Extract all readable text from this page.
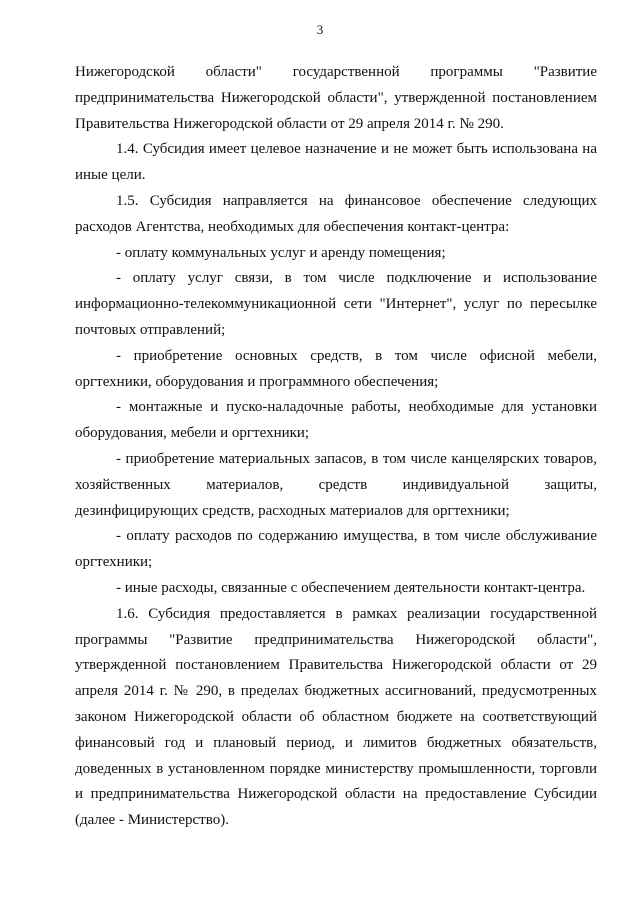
3

Нижегородской области" государственной программы "Развитие предпринимательства Нижегородской области", утвержденной постановлением Правительства Нижегородской области от 29 апреля 2014 г. № 290.

1.4. Субсидия имеет целевое назначение и не может быть использована на иные цели.

1.5. Субсидия направляется на финансовое обеспечение следующих расходов Агентства, необходимых для обеспечения контакт-центра:

- оплату коммунальных услуг и аренду помещения;

- оплату услуг связи, в том числе подключение и использование информационно-телекоммуникационной сети "Интернет", услуг по пересылке почтовых отправлений;

- приобретение основных средств, в том числе офисной мебели, оргтехники, оборудования и программного обеспечения;

- монтажные и пуско-наладочные работы, необходимые для установки оборудования, мебели и оргтехники;

- приобретение материальных запасов, в том числе канцелярских товаров, хозяйственных материалов, средств индивидуальной защиты, дезинфицирующих средств, расходных материалов для оргтехники;

- оплату расходов по содержанию имущества, в том числе обслуживание оргтехники;

- иные расходы, связанные с обеспечением деятельности контакт-центра.

1.6. Субсидия предоставляется в рамках реализации государственной программы "Развитие предпринимательства Нижегородской области", утвержденной постановлением Правительства Нижегородской области от 29 апреля 2014 г. № 290, в пределах бюджетных ассигнований, предусмотренных законом Нижегородской области об областном бюджете на соответствующий финансовый год и плановый период, и лимитов бюджетных обязательств, доведенных в установленном порядке министерству промышленности, торговли и предпринимательства Нижегородской области на предоставление Субсидии (далее - Министерство).
